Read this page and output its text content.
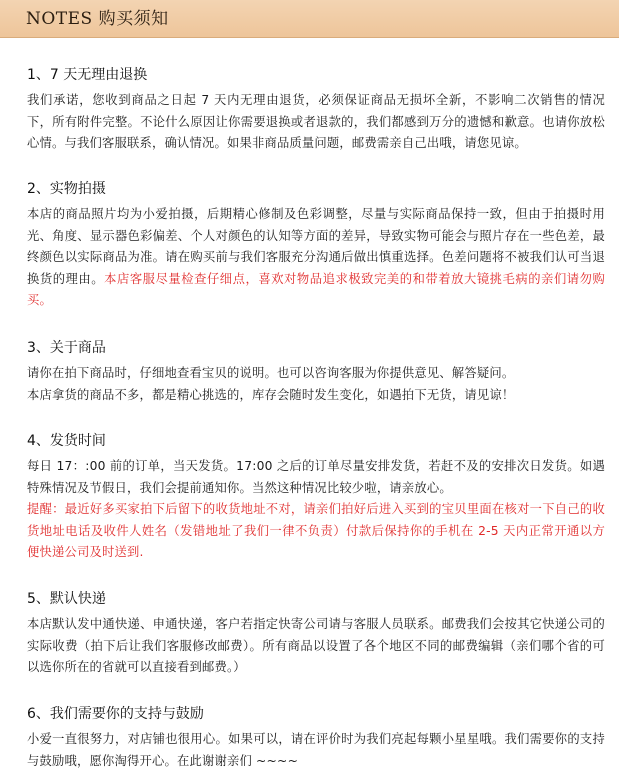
NOTES 购买须知
1、7 天无理由退换
我们承诺，您收到商品之日起 7 天内无理由退货，必须保证商品无损坏全新，不影响二次销售的情况下，所有附件完整。不论什么原因让你需要退换或者退款的，我们都感到万分的遗憾和歉意。也请你放松心情。与我们客服联系，确认情况。如果非商品质量问题，邮费需亲自己出哦，请您见谅。
2、实物拍摄
本店的商品照片均为小爱拍摄，后期精心修制及色彩调整，尽量与实际商品保持一致，但由于拍摄时用光、角度、显示器色彩偏差、个人对颜色的认知等方面的差异，导致实物可能会与照片存在一些色差，最终颜色以实际商品为准。请在购买前与我们客服充分沟通后做出慎重选择。色差问题将不被我们认可当退换货的理由。本店客服尽量检查仔细点，喜欢对物品追求极致完美的和带着放大镜挑毛病的亲们请勿购买。
3、关于商品
请你在拍下商品时，仔细地查看宝贝的说明。也可以咨询客服为你提供意见、解答疑问。
本店拿货的商品不多，都是精心挑选的，库存会随时发生变化，如遇拍下无货，请见谅！
4、发货时间
每日 17：:00 前的订单，当天发货。17:00 之后的订单尽量安排发货，若赶不及的安排次日发货。如遇特殊情况及节假日，我们会提前通知你。当然这种情况比较少啦，请亲放心。
提醒：最近好多买家拍下后留下的收货地址不对，请亲们拍好后进入买到的宝贝里面在核对一下自己的收货地址电话及收件人姓名（发错地址了我们一律不负责）付款后保持你的手机在 2-5 天内正常开通以方便快递公司及时送到.
5、默认快递
本店默认发中通快递、申通快递，客户若指定快寄公司请与客服人员联系。邮费我们会按其它快递公司的实际收费（拍下后让我们客服修改邮费）。所有商品以设置了各个地区不同的邮费编辑（亲们哪个省的可以选你所在的省就可以直接看到邮费。）
6、我们需要你的支持与鼓励
小爱一直很努力，对店铺也很用心。如果可以，请在评价时为我们亮起每颗小星星哦。我们需要你的支持与鼓励哦，愿你淘得开心。在此谢谢亲们 ~~~~
